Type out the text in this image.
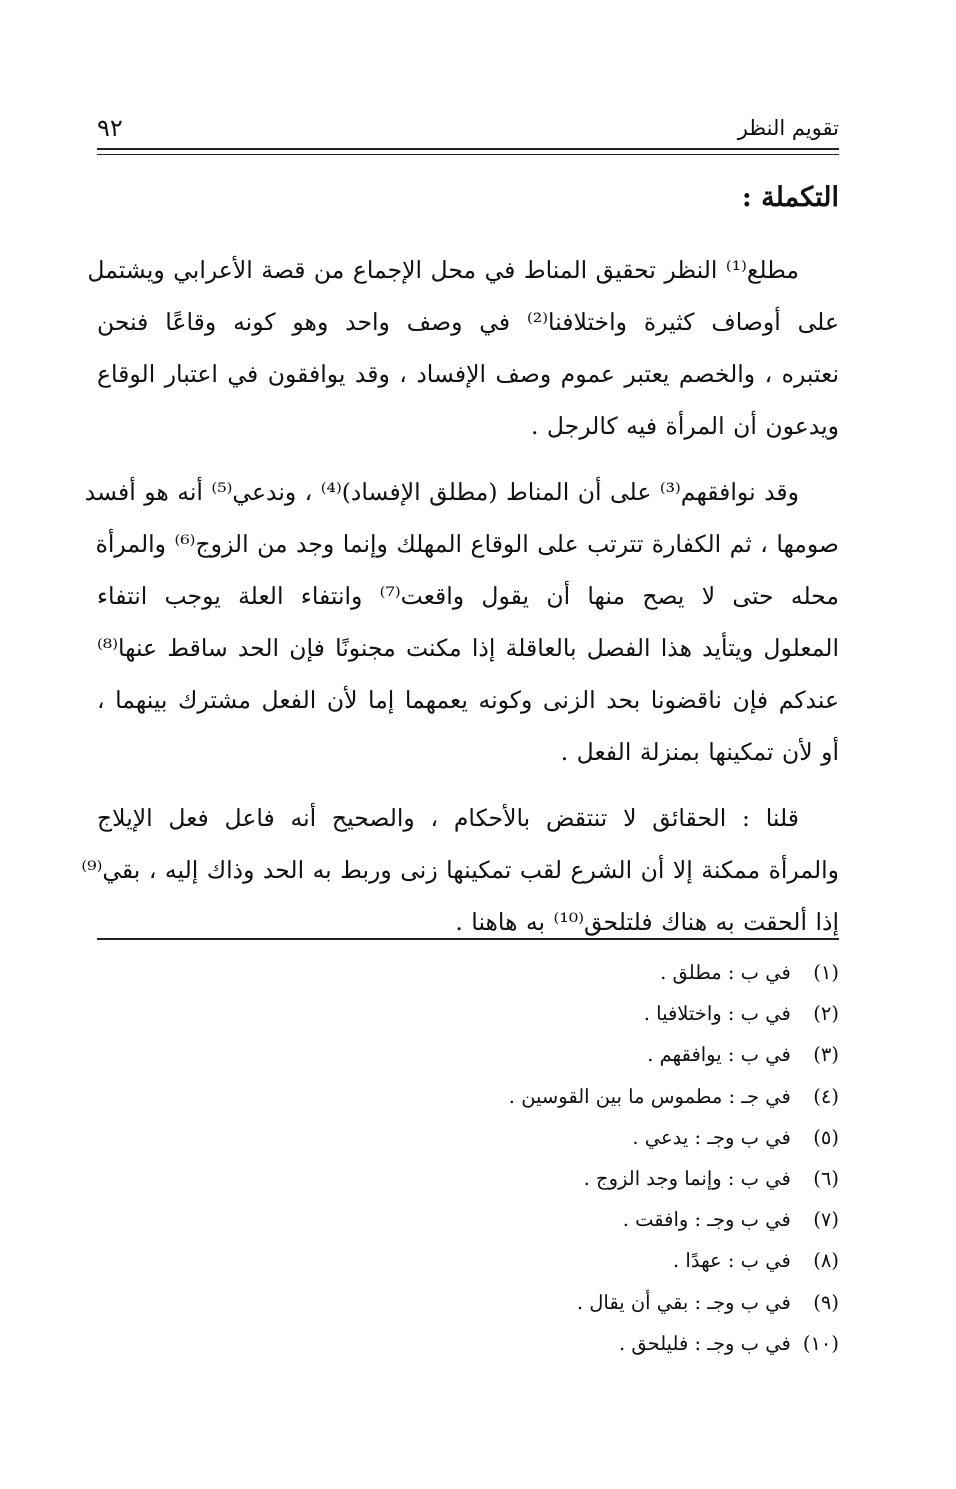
تقويم النظر
٩٢
التكملة :
مطلع⁽¹⁾ النظر تحقيق المناط في محل الإجماع من قصة الأعرابي ويشتمل
على أوصاف كثيرة واختلافنا⁽²⁾ في وصف واحد وهو كونه وقاعًا فنحن
نعتبره ، والخصم يعتبر عموم وصف الإفساد ، وقد يوافقون في اعتبار الوقاع
ويدعون أن المرأة فيه كالرجل .
وقد نوافقهم⁽³⁾ على أن المناط (مطلق الإفساد)⁽⁴⁾ ، وندعي⁽⁵⁾ أنه هو أفسد
صومها ، ثم الكفارة تترتب على الوقاع المهلك وإنما وجد من الزوج⁽⁶⁾ والمرأة
محله حتى لا يصح منها أن يقول واقعت⁽⁷⁾ وانتفاء العلة يوجب انتفاء
المعلول ويتأيد هذا الفصل بالعاقلة إذا مكنت مجنونًا فإن الحد ساقط عنها⁽⁸⁾
عندكم فإن ناقضونا بحد الزنى وكونه يعمهما إما لأن الفعل مشترك بينهما ،
أو لأن تمكينها بمنزلة الفعل .
قلنا : الحقائق لا تنتقض بالأحكام ، والصحيح أنه فاعل فعل الإيلاج
والمرأة ممكنة إلا أن الشرع لقب تمكينها زنى وربط به الحد وذاك إليه ، بقي⁽⁹⁾
إذا ألحقت به هناك فلتلحق⁽¹⁰⁾ به هاهنا .
(١) في ب : مطلق .
(٢) في ب : واختلافيا .
(٣) في ب : يوافقهم .
(٤) في جـ : مطموس ما بين القوسين .
(٥) في ب وجـ : يدعي .
(٦) في ب : وإنما وجد الزوج .
(٧) في ب وجـ : وافقت .
(٨) في ب : عهدًا .
(٩) في ب وجـ : بقي أن يقال .
(١٠) في ب وجـ : فليلحق .
